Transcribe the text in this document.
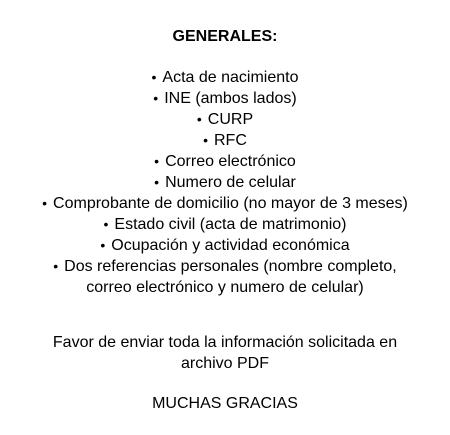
GENERALES:
• Acta de nacimiento
• INE (ambos lados)
• CURP
• RFC
• Correo electrónico
• Numero de celular
• Comprobante de domicilio (no mayor de 3 meses)
• Estado civil (acta de matrimonio)
• Ocupación y actividad económica
• Dos referencias personales (nombre completo,
correo electrónico y numero de celular)
Favor de enviar toda la información solicitada en archivo PDF
MUCHAS GRACIAS
